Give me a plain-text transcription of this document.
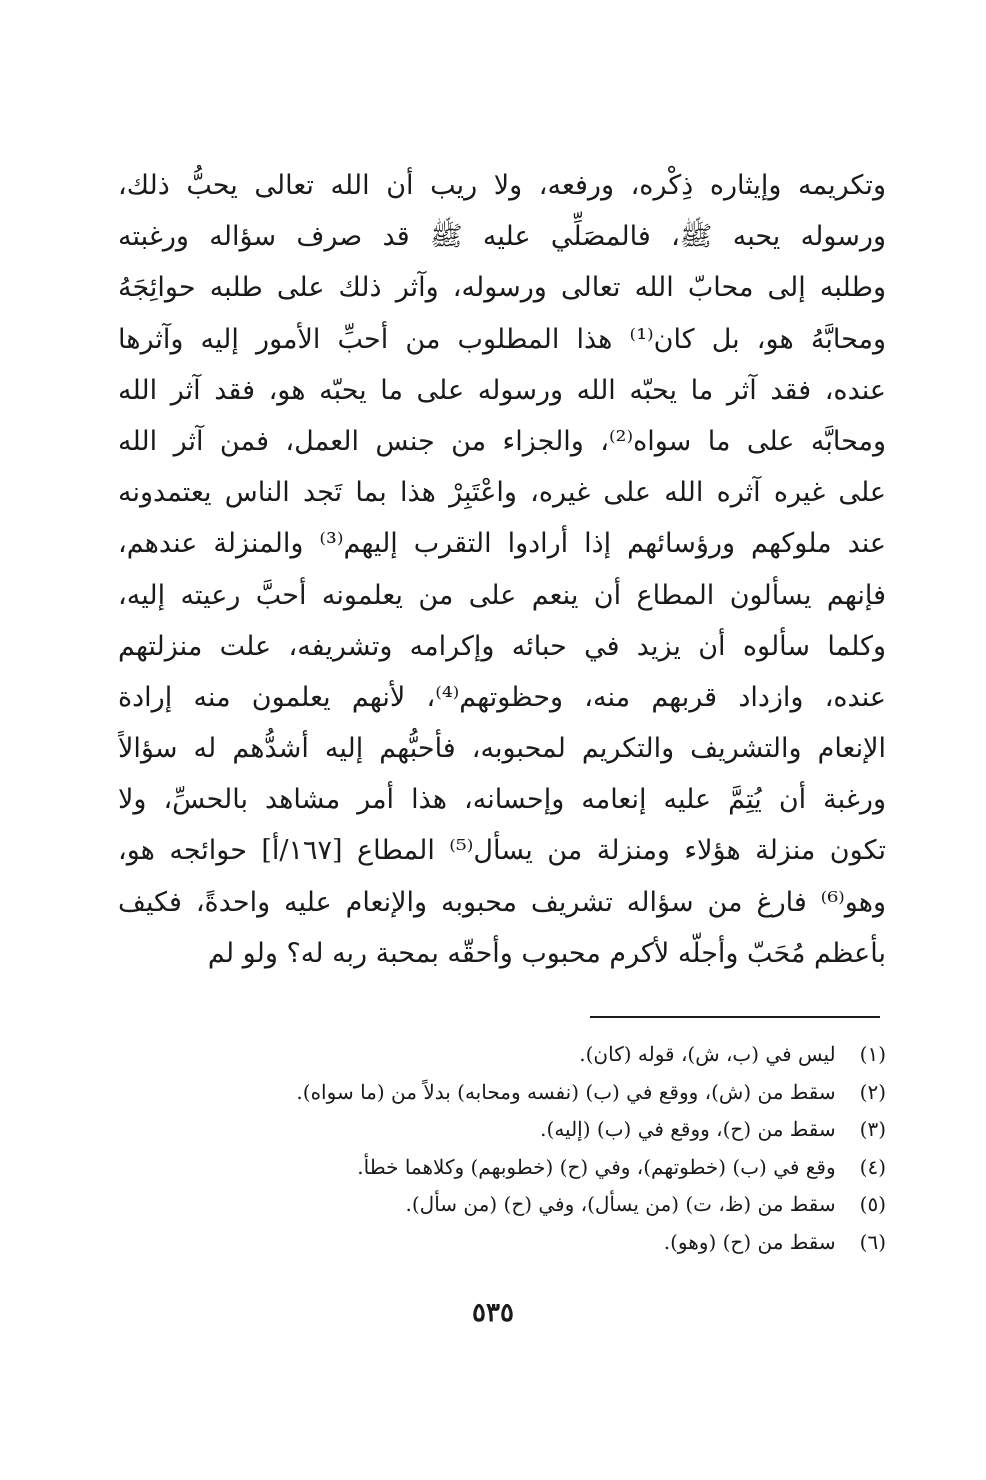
وتكريمه وإيثاره ذِكْره، ورفعه، ولا ريب أن الله تعالى يحبُّ ذلك،
ورسوله يحبه ﷺ، فالمصَلِّي عليه ﷺ قد صرف سؤاله ورغبته
وطلبه إلى محابّ الله تعالى ورسوله، وآثر ذلك على طلبه حوائِجَهُ
ومحابَّهُ هو، بل كان⁽¹⁾ هذا المطلوب من أحبِّ الأمور إليه وآثرها
عنده، فقد آثر ما يحبّه الله ورسوله على ما يحبّه هو، فقد آثر الله
ومحابَّه على ما سواه⁽²⁾، والجزاء من جنس العمل، فمن آثر الله
على غيره آثره الله على غيره، واعْتَبِرْ هذا بما تَجد الناس يعتمدونه
عند ملوكهم ورؤسائهم إذا أرادوا التقرب إليهم⁽³⁾ والمنزلة عندهم،
فإنهم يسألون المطاع أن ينعم على من يعلمونه أحبَّ رعيته إليه،
وكلما سألوه أن يزيد في حبائه وإكرامه وتشريفه، علت منزلتهم
عنده، وازداد قربهم منه، وحظوتهم⁽⁴⁾، لأنهم يعلمون منه إرادة
الإنعام والتشريف والتكريم لمحبوبه، فأحبُّهم إليه أشدُّهم له سؤالاً
ورغبة أن يُتِمَّ عليه إنعامه وإحسانه، هذا أمر مشاهد بالحسِّ، ولا
تكون منزلة هؤلاء ومنزلة من يسأل⁽⁵⁾ المطاع [١٦٧/أ] حوائجه هو،
وهو⁽⁶⁾ فارغ من سؤاله تشريف محبوبه والإنعام عليه واحدةً، فكيف
بأعظم مُحَبّ وأجلّه لأكرم محبوب وأحقّه بمحبة ربه له؟ ولو لم
(١) ليس في (ب، ش)، قوله (كان).
(٢) سقط من (ش)، ووقع في (ب) (نفسه ومحابه) بدلاً من (ما سواه).
(٣) سقط من (ح)، ووقع في (ب) (إليه).
(٤) وقع في (ب) (خطوتهم)، وفي (ح) (خطوبهم) وكلاهما خطأ.
(٥) سقط من (ظ، ت) (من يسأل)، وفي (ح) (من سأل).
(٦) سقط من (ح) (وهو).
٥٣٥
